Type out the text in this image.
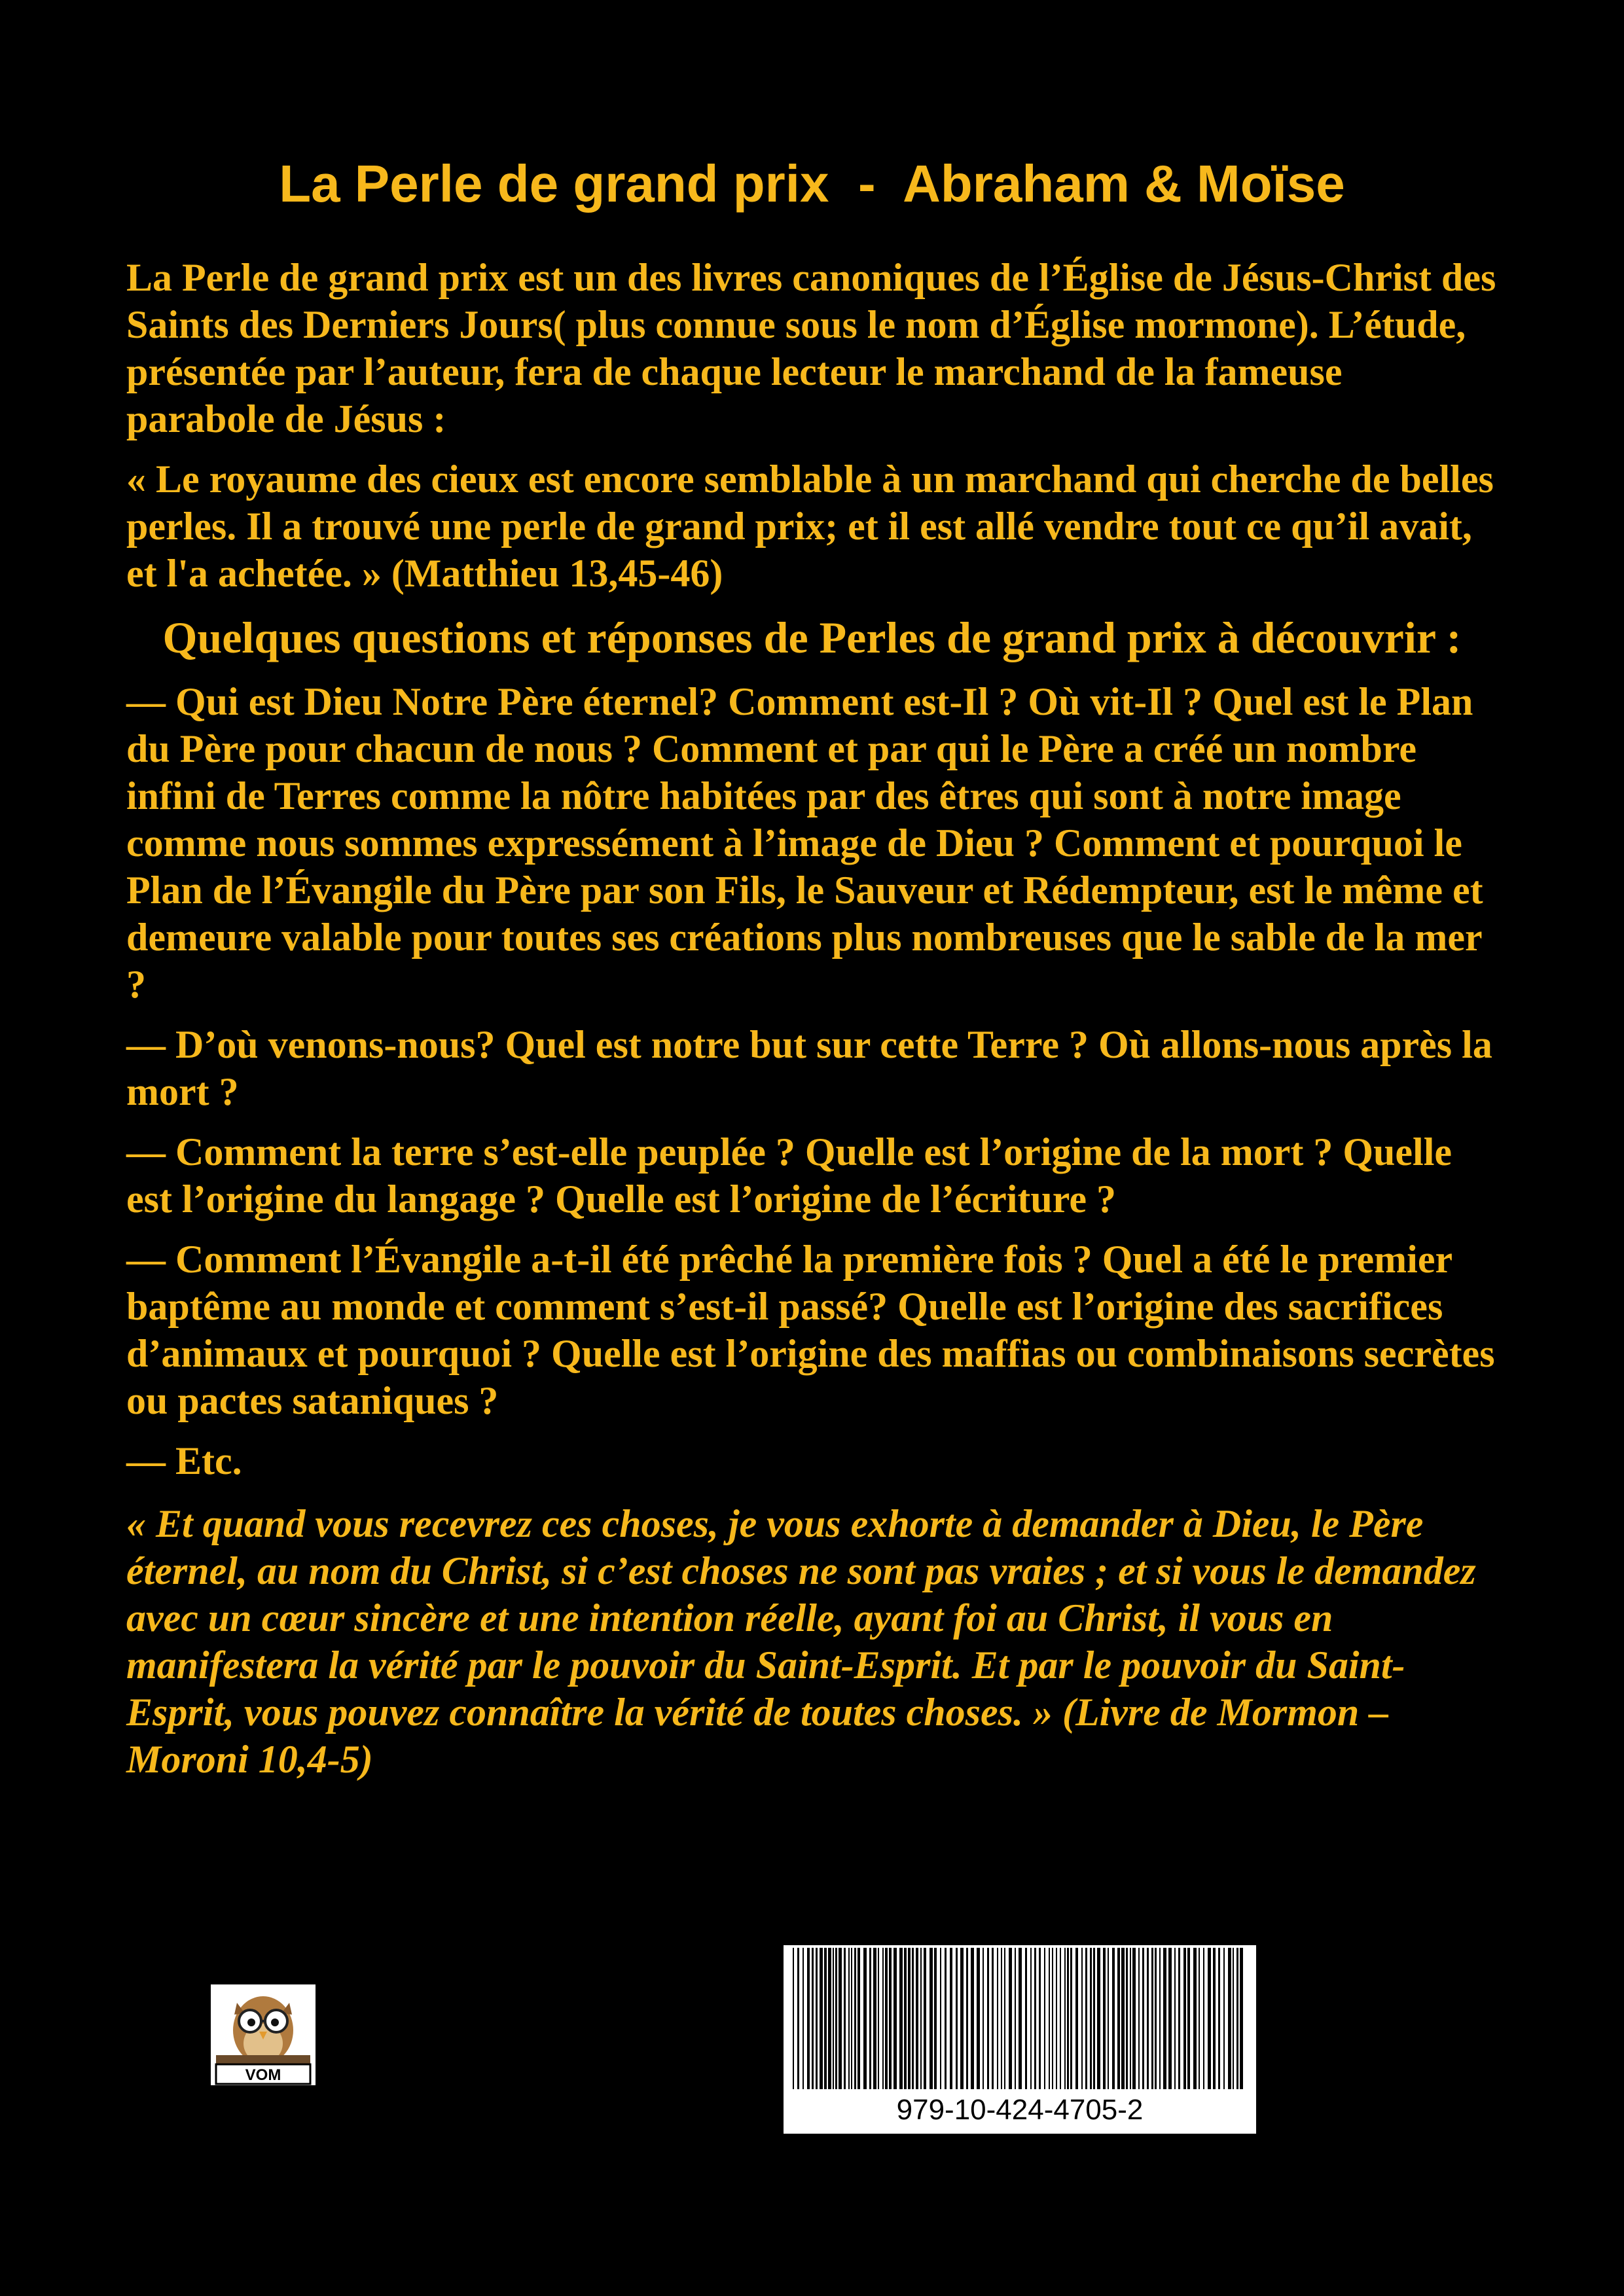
La Perle de grand prix  -  Abraham & Moïse

La Perle de grand prix est un des livres canoniques de l’Église de Jésus-Christ des Saints des Derniers Jours( plus connue sous le nom d’Église mormone). L’étude, présentée par l’auteur, fera de chaque lecteur le marchand de la fameuse parabole de Jésus :

« Le royaume des cieux est encore semblable à un marchand qui cherche de belles perles. Il a trouvé une perle de grand prix; et il est allé vendre tout ce qu’il avait, et l'a achetée. » (Matthieu 13,45-46)

Quelques questions et réponses de Perles de grand prix à découvrir :

— Qui est Dieu Notre Père éternel? Comment est-Il ? Où vit-Il ? Quel est le Plan du Père pour chacun de nous ? Comment et par qui le Père a créé un nombre infini de Terres comme la nôtre habitées par des êtres qui sont à notre image comme nous sommes expressément à l’image de Dieu ? Comment et pourquoi le Plan de l’Évangile du Père par son Fils, le Sauveur et Rédempteur, est le même et demeure valable pour toutes ses créations plus nombreuses que le sable de la mer ?

— D’où venons-nous? Quel est notre but sur cette Terre ? Où allons-nous après la mort ?

— Comment la terre s’est-elle peuplée ? Quelle est l’origine de la mort ? Quelle est l’origine du langage ? Quelle est l’origine de l’écriture ?

— Comment l’Évangile a-t-il été prêché la première fois ? Quel a été le premier baptême au monde et comment s’est-il passé? Quelle est l’origine des sacrifices d’animaux et pourquoi ? Quelle est l’origine des maffias ou combinaisons secrètes ou pactes sataniques ?

— Etc.

« Et quand vous recevrez ces choses, je vous exhorte à demander à Dieu, le Père éternel, au nom du Christ, si c’est choses ne sont pas vraies ; et si vous le demandez avec un cœur sincère et une intention réelle, ayant foi au Christ, il vous en manifestera la vérité par le pouvoir du Saint-Esprit. Et par le pouvoir du Saint-Esprit, vous pouvez connaître la vérité de toutes choses. » (Livre de Mormon – Moroni 10,4-5)

VOM
979-10-424-4705-2
